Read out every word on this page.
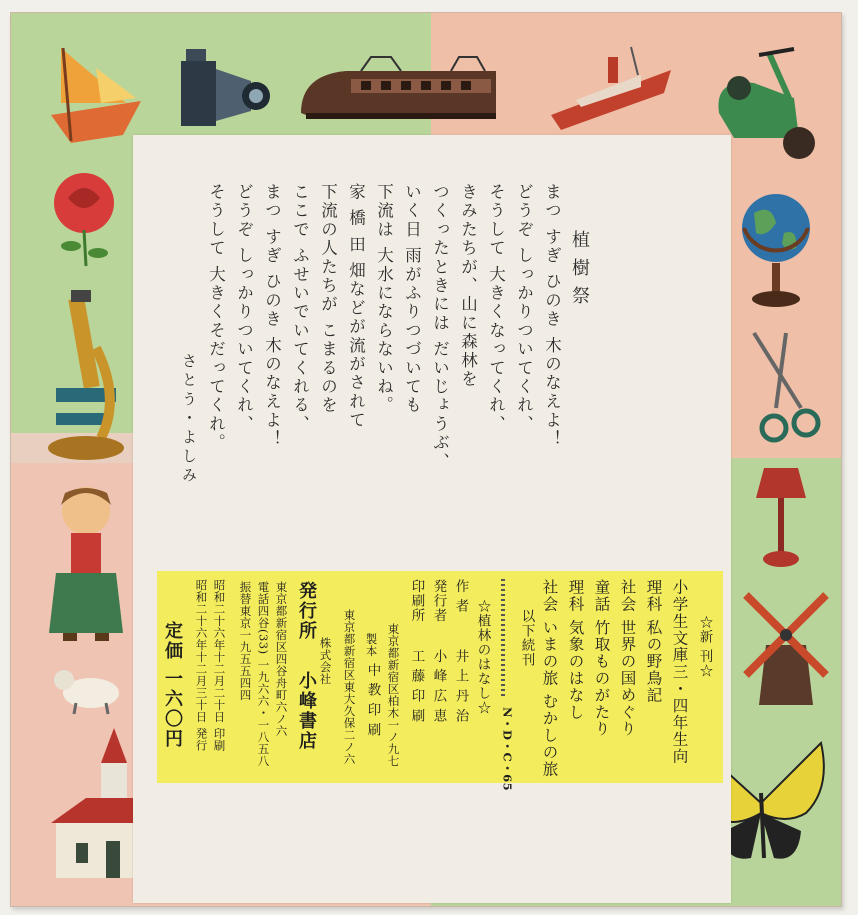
植樹祭
まつ すぎ ひのき 木のなえよ！
どうぞ しっかりついてくれ、
そうして 大きくなってくれ、
きみたちが、山に森林を
つくったときには だいじょうぶ、
いく日 雨がふりつづいても
下流は 大水にならないね。
家 橋 田 畑などが流がされて
下流の人たちが こまるのを
ここで ふせいでいてくれる、
まつ すぎ ひのき 木のなえよ！
どうぞ しっかりついてくれ、
そうして 大きくそだってくれ。
さとう・よしみ
☆新 刊☆
小学生文庫三・四年生向
理科 私の野鳥記
社会 世界の国めぐり
童話 竹取ものがたり
理科 気象のはなし
社会 いまの旅 むかしの旅
以下続刊
N・D・C・65
☆植林のはなし☆
作 者
井 上 丹 治
発行者
小 峰 広 恵
印刷所
工 藤 印 刷
東京都新宿区柏木一ノ九七
製本
中 教 印 刷
東京都新宿区東大久保二ノ六
発行所
株式会社
小峰書店
東京都新宿区四谷舟町六ノ六
電話四谷(33) 一九六六・一八五八
振替東京一九五五四四
昭和二十六年十二月二十日 印刷
昭和二十六年十二月三十日 発行
定価 一六〇円
